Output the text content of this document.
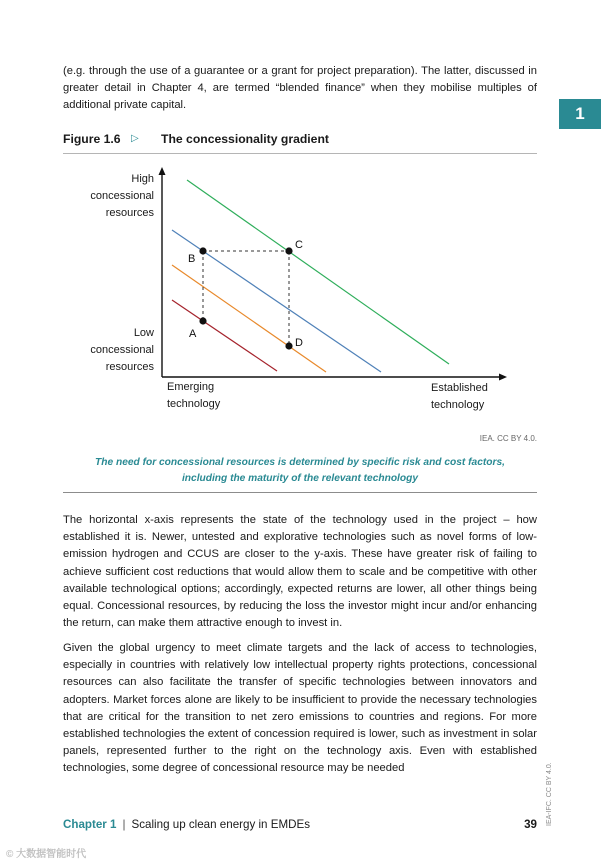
(e.g. through the use of a guarantee or a grant for project preparation). The latter, discussed in greater detail in Chapter 4, are termed “blended finance” when they mobilise multiples of additional private capital.	1
Figure 1.6 ▷ The concessionality gradient
High
concessional
resources
Low
concessional
resources
Emerging
technology
Established
technology
B
C
A
D
IEA. CC BY 4.0.
The need for concessional resources is determined by specific risk and cost factors,
including the maturity of the relevant technology

The horizontal x-axis represents the state of the technology used in the project – how established it is. Newer, untested and explorative technologies such as novel forms of low-emission hydrogen and CCUS are closer to the y-axis. These have greater risk of failing to achieve sufficient cost reductions that would allow them to scale and be competitive with other available technological options; accordingly, expected returns are lower, all other things being equal. Concessional resources, by reducing the loss the investor might incur and/or enhancing the return, can make them attractive enough to invest in.

Given the global urgency to meet climate targets and the lack of access to technologies, especially in countries with relatively low intellectual property rights protections, concessional resources can also facilitate the transfer of specific technologies between innovators and adopters. Market forces alone are likely to be insufficient to provide the necessary technologies that are critical for the transition to net zero emissions to countries and regions. For more established technologies the extent of concession required is lower, such as investment in solar panels, represented further to the right on the technology axis. Even with established technologies, some degree of concessional resource may be needed

Chapter 1 | Scaling up clean energy in EMDEs	39 IEA-IFC. CC BY 4.0.
© 大数据智能时代
